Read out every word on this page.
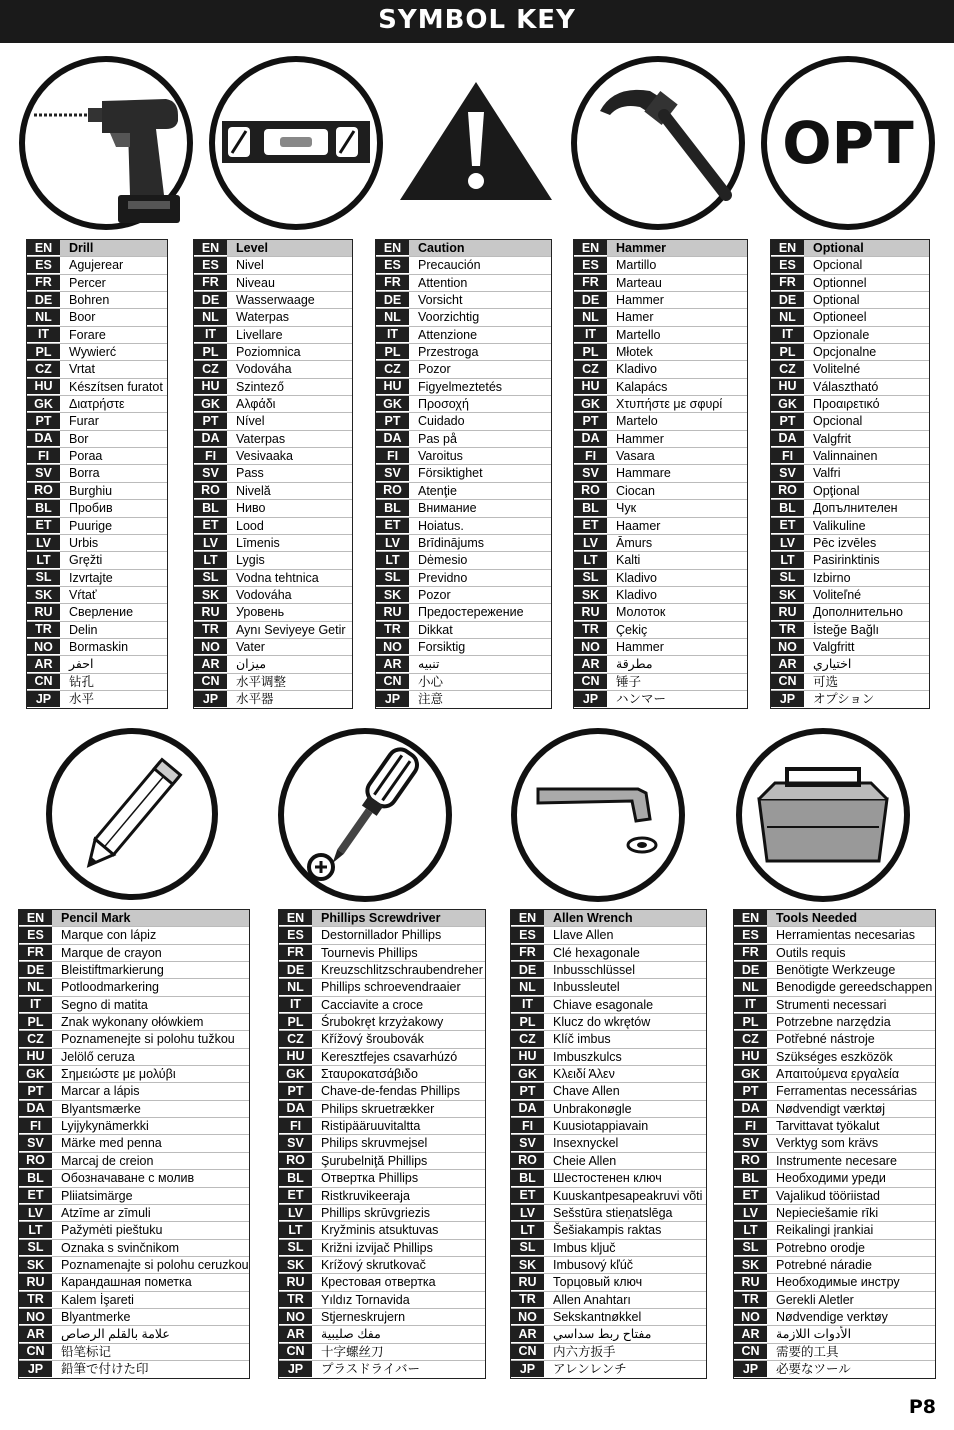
SYMBOL KEY
OPT
EN	Drill
ES	Agujerear
FR	Percer
DE	Bohren
NL	Boor
IT	Forare
PL	Wywierć
CZ	Vrtat
HU	Készítsen furatot
GK	Διατρήστε
PT	Furar
DA	Bor
FI	Poraa
SV	Borra
RO	Burghiu
BL	Пробив
ET	Puurige
LV	Urbis
LT	Gręžti
SL	Izvrtajte
SK	Vŕtať
RU	Сверление
TR	Delin
NO	Bormaskin
AR	احفر
CN	钻孔
JP	水平
EN	Level
ES	Nivel
FR	Niveau
DE	Wasserwaage
NL	Waterpas
IT	Livellare
PL	Poziomnica
CZ	Vodováha
HU	Szintező
GK	Αλφάδι
PT	Nível
DA	Vaterpas
FI	Vesivaaka
SV	Pass
RO	Nivelă
BL	Ниво
ET	Lood
LV	Līmenis
LT	Lygis
SL	Vodna tehtnica
SK	Vodováha
RU	Уровень
TR	Aynı Seviyeye Getir
NO	Vater
AR	ميزان
CN	水平调整
JP	水平器
EN	Caution
ES	Precaución
FR	Attention
DE	Vorsicht
NL	Voorzichtig
IT	Attenzione
PL	Przestroga
CZ	Pozor
HU	Figyelmeztetés
GK	Προσοχή
PT	Cuidado
DA	Pas på
FI	Varoitus
SV	Försiktighet
RO	Atenţie
BL	Внимание
ET	Hoiatus.
LV	Brīdinājums
LT	Dėmesio
SL	Previdno
SK	Pozor
RU	Предостережение
TR	Dikkat
NO	Forsiktig
AR	تنبيه
CN	小心
JP	注意
EN	Hammer
ES	Martillo
FR	Marteau
DE	Hammer
NL	Hamer
IT	Martello
PL	Młotek
CZ	Kladivo
HU	Kalapács
GK	Χτυπήστε με σφυρί
PT	Martelo
DA	Hammer
FI	Vasara
SV	Hammare
RO	Ciocan
BL	Чук
ET	Haamer
LV	Āmurs
LT	Kalti
SL	Kladivo
SK	Kladivo
RU	Молоток
TR	Çekiç
NO	Hammer
AR	مطرقة
CN	锤子
JP	ハンマー
EN	Optional
ES	Opcional
FR	Optionnel
DE	Optional
NL	Optioneel
IT	Opzionale
PL	Opcjonalne
CZ	Volitelné
HU	Választható
GK	Προαιρετικό
PT	Opcional
DA	Valgfrit
FI	Valinnainen
SV	Valfri
RO	Opţional
BL	Допълнителен
ET	Valikuline
LV	Pēc izvēles
LT	Pasirinktinis
SL	Izbirno
SK	Voliteľné
RU	Дополнительно
TR	İsteğe Bağlı
NO	Valgfritt
AR	اختياري
CN	可选
JP	オプション
EN	Pencil Mark
ES	Marque con lápiz
FR	Marque de crayon
DE	Bleistiftmarkierung
NL	Potloodmarkering
IT	Segno di matita
PL	Znak wykonany ołówkiem
CZ	Poznamenejte si polohu tužkou
HU	Jelölő ceruza
GK	Σημειώστε με μολύβι
PT	Marcar a lápis
DA	Blyantsmærke
FI	Lyijykynämerkki
SV	Märke med penna
RO	Marcaj de creion
BL	Обозначаване с молив
ET	Pliiatsimärge
LV	Atzīme ar zīmuli
LT	Pažymėti pieštuku
SL	Oznaka s svinčnikom
SK	Poznamenajte si polohu ceruzkou
RU	Карандашная пометка
TR	Kalem İşareti
NO	Blyantmerke
AR	علامة بالقلم الرصاص
CN	铅笔标记
JP	鉛筆で付けた印
EN	Phillips Screwdriver
ES	Destornillador Phillips
FR	Tournevis Phillips
DE	Kreuzschlitzschraubendreher
NL	Phillips schroevendraaier
IT	Cacciavite a croce
PL	Śrubokręt krzyżakowy
CZ	Křížový šroubovák
HU	Keresztfejes csavarhúzó
GK	Σταυροκατσάβιδο
PT	Chave-de-fendas Phillips
DA	Philips skruetrækker
FI	Ristipääruuvitaltta
SV	Philips skruvmejsel
RO	Şurubelniţă Phillips
BL	Отвертка Phillips
ET	Ristkruvikeeraja
LV	Phillips skrūvgriezis
LT	Kryžminis atsuktuvas
SL	Križni izvijač Phillips
SK	Krížový skrutkovač
RU	Крестовая отвертка
TR	Yıldız Tornavida
NO	Stjerneskrujern
AR	مفك صليبية
CN	十字螺丝刀
JP	プラスドライバー
EN	Allen Wrench
ES	Llave Allen
FR	Clé hexagonale
DE	Inbusschlüssel
NL	Inbussleutel
IT	Chiave esagonale
PL	Klucz do wkrętów
CZ	Klíč imbus
HU	Imbuszkulcs
GK	Κλειδί Άλεν
PT	Chave Allen
DA	Unbrakonøgle
FI	Kuusiotappiavain
SV	Insexnyckel
RO	Cheie Allen
BL	Шестостенен ключ
ET	Kuuskantpesapeakruvi võti
LV	Sešstūra stieņatslēga
LT	Šešiakampis raktas
SL	Imbus ključ
SK	Imbusový kľúč
RU	Торцовый ключ
TR	Allen Anahtarı
NO	Sekskantnøkkel
AR	مفتاح ربط سداسي
CN	内六方扳手
JP	アレンレンチ
EN	Tools Needed
ES	Herramientas necesarias
FR	Outils requis
DE	Benötigte Werkzeuge
NL	Benodigde gereedschappen
IT	Strumenti necessari
PL	Potrzebne narzędzia
CZ	Potřebné nástroje
HU	Szükséges eszközök
GK	Απαιτούμενα εργαλεία
PT	Ferramentas necessárias
DA	Nødvendigt værktøj
FI	Tarvittavat työkalut
SV	Verktyg som krävs
RO	Instrumente necesare
BL	Необходими уреди
ET	Vajalikud tööriistad
LV	Nepieciešamie rīki
LT	Reikalingi įrankiai
SL	Potrebno orodje
SK	Potrebné náradie
RU	Необходимые инстру
TR	Gerekli Aletler
NO	Nødvendige verktøy
AR	الأدوات اللازمة
CN	需要的工具
JP	必要なツール
P8
